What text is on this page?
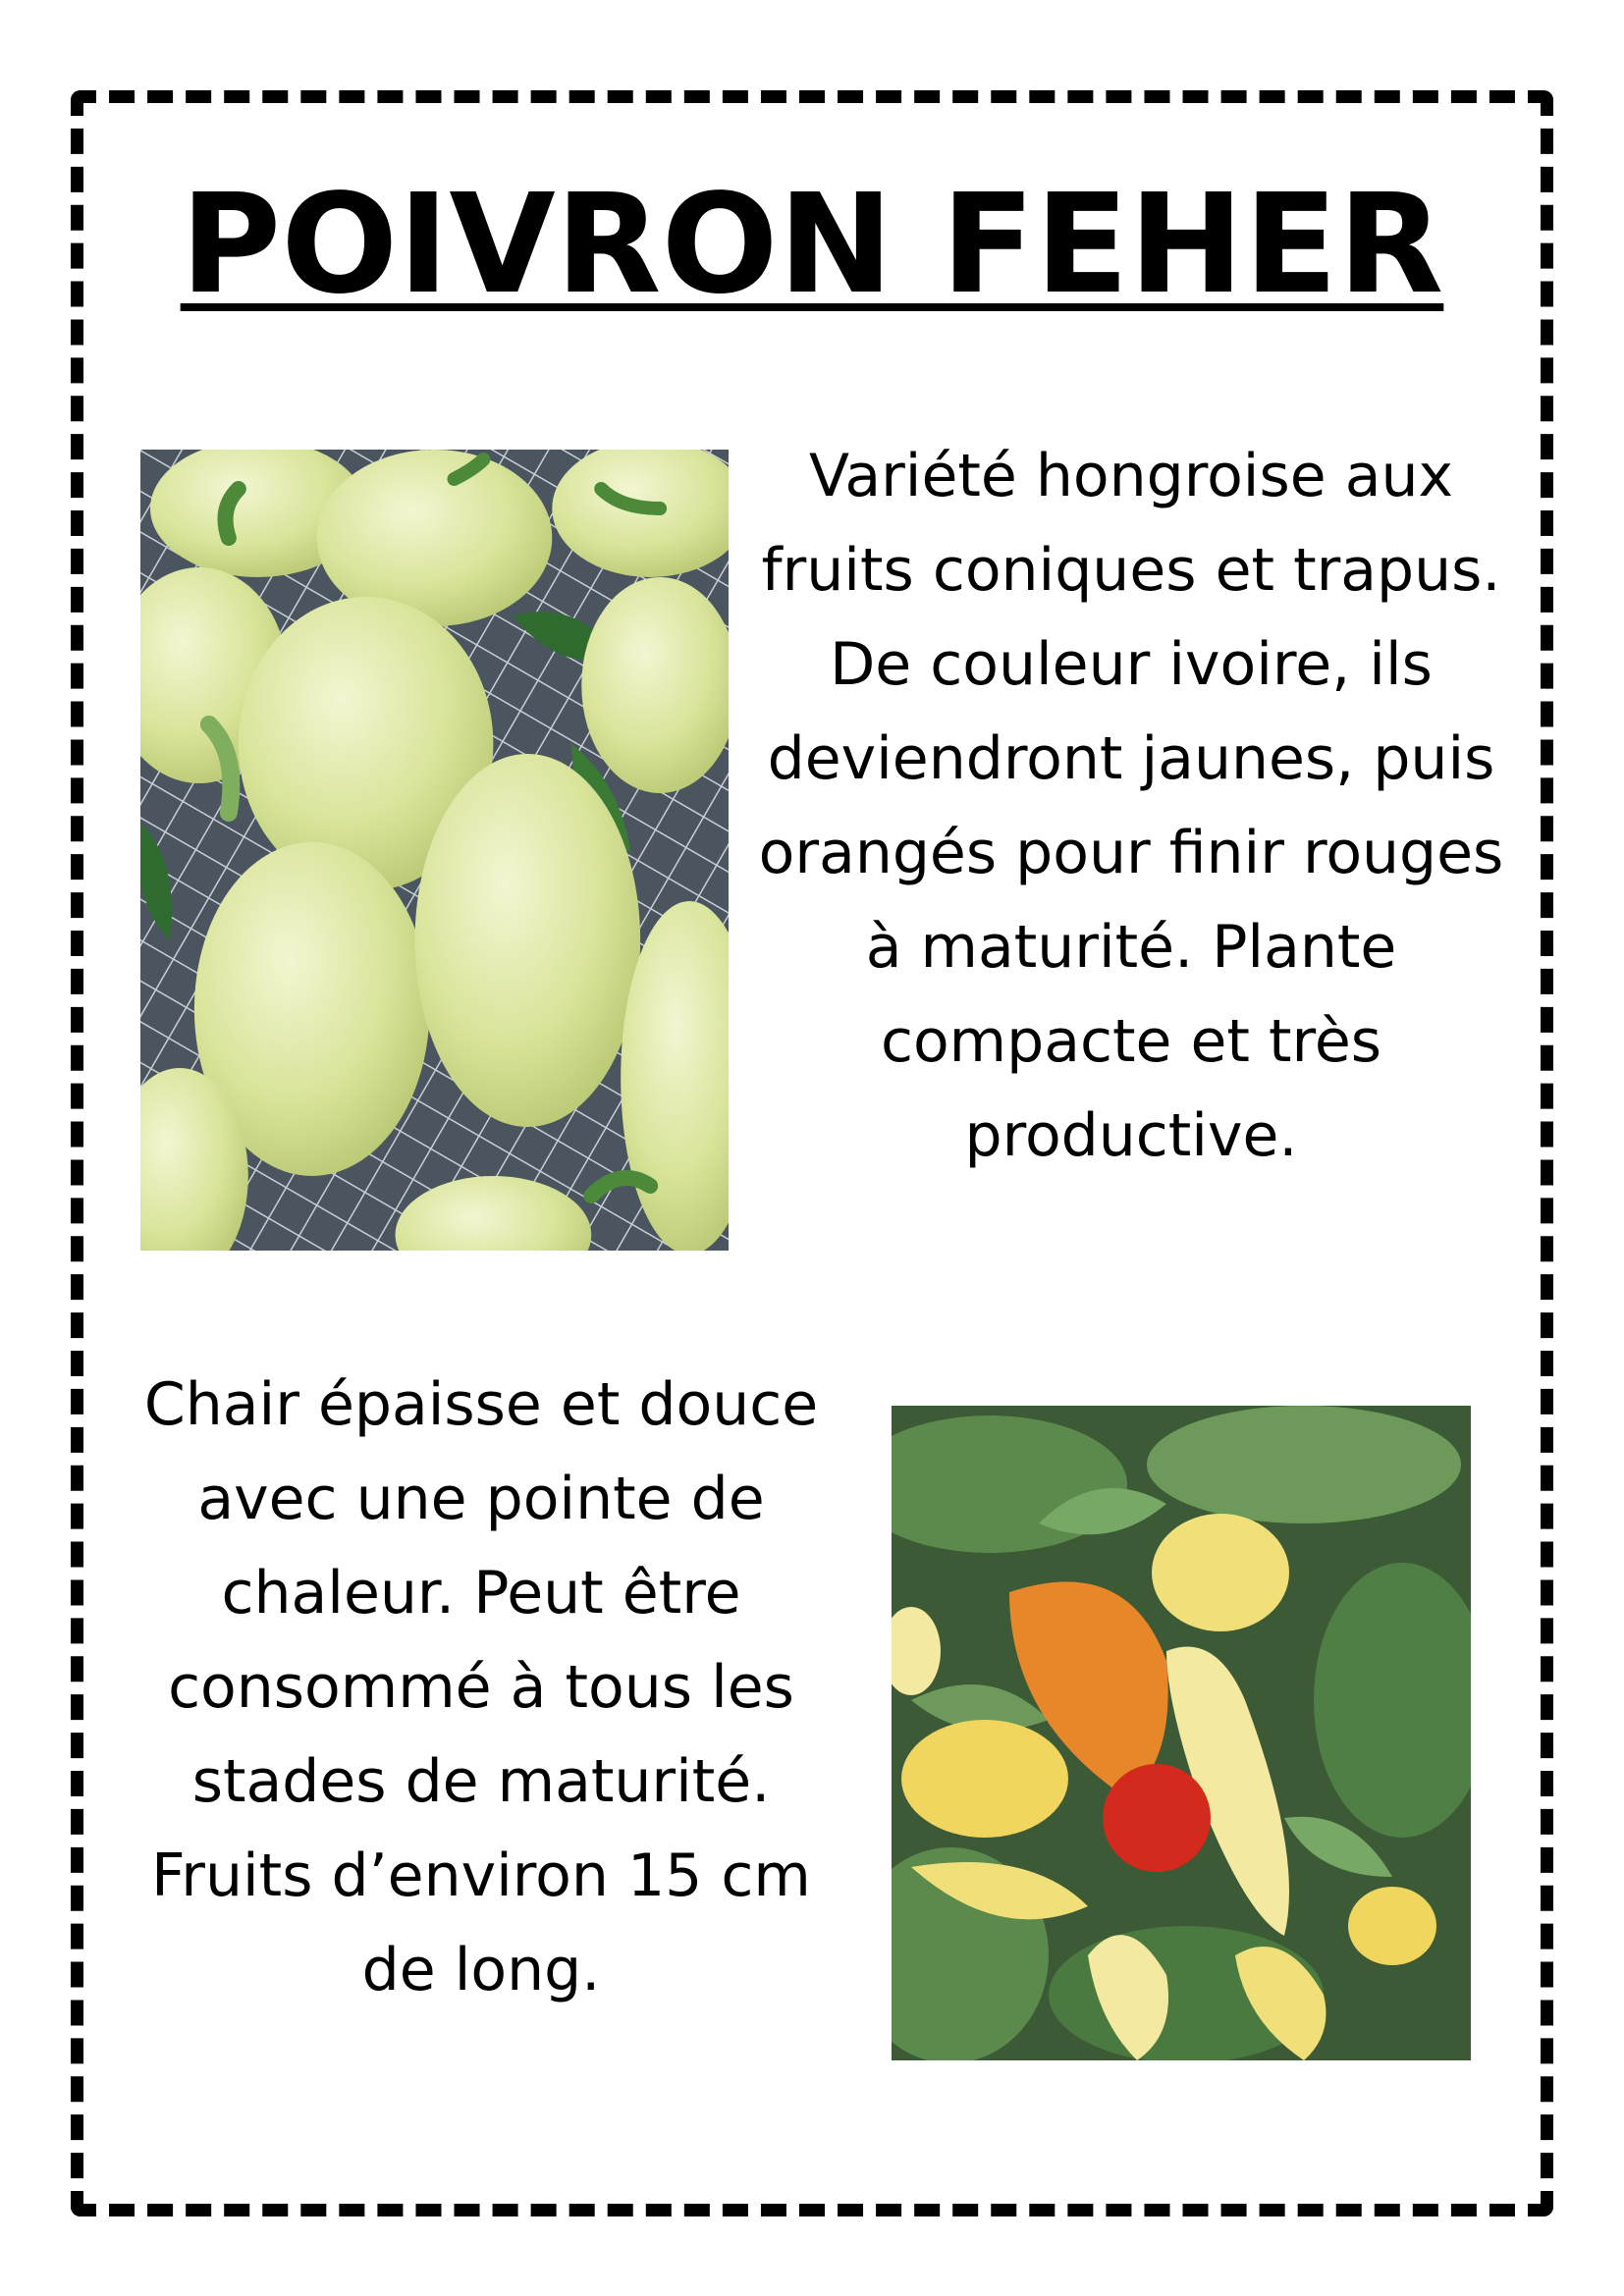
POIVRON FEHER

Variété hongroise aux fruits coniques et trapus. De couleur ivoire, ils deviendront jaunes, puis orangés pour finir rouges à maturité. Plante compacte et très productive.

Chair épaisse et douce avec une pointe de chaleur. Peut être consommé à tous les stades de maturité. Fruits d’environ 15 cm de long.
